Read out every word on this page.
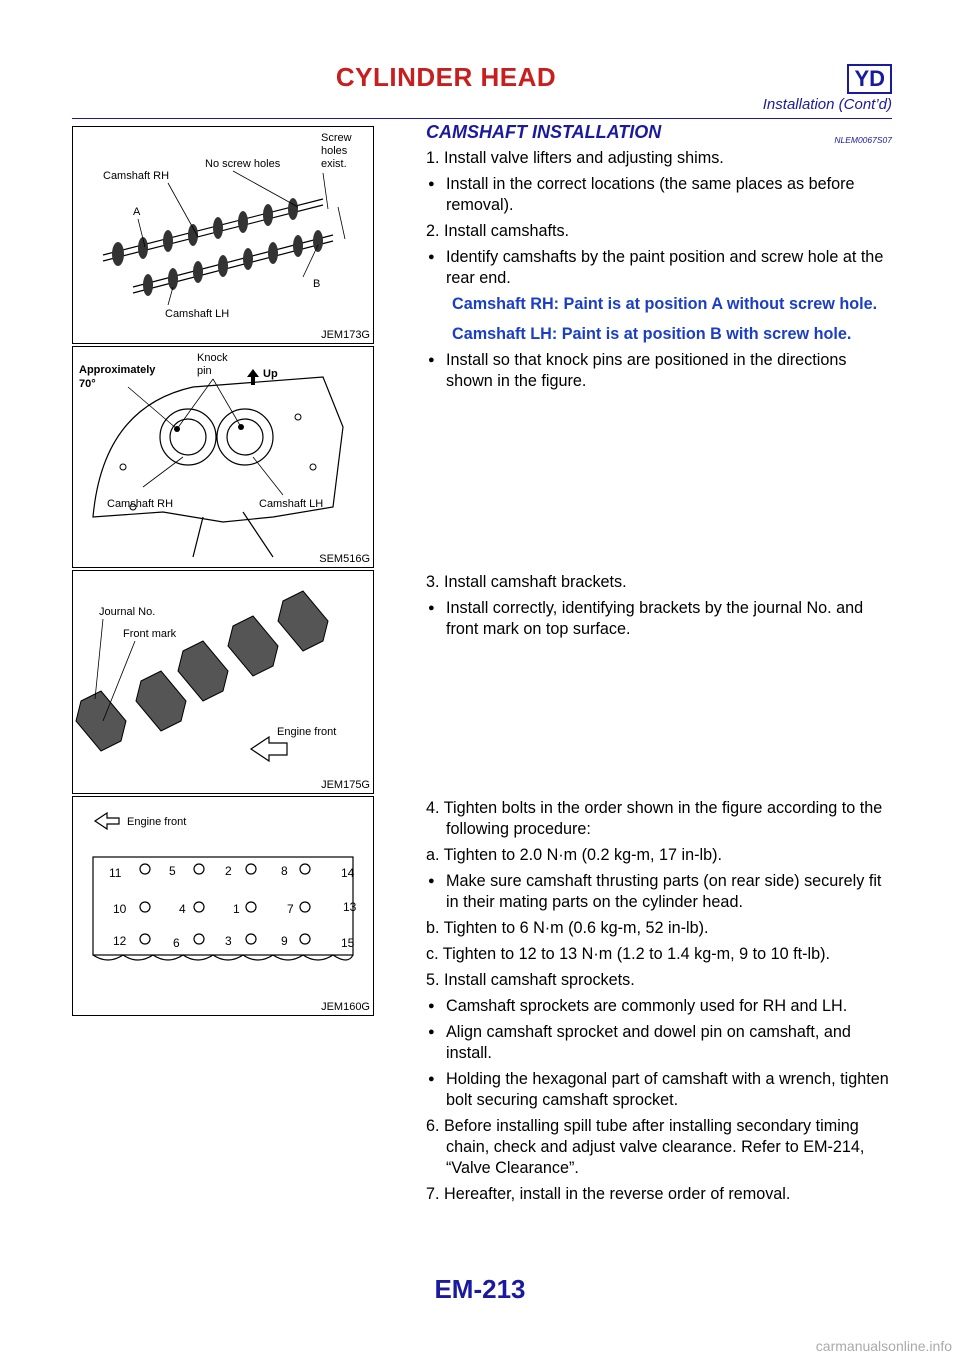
CYLINDER HEAD	YD
Installation (Cont’d)
Camshaft RH
No screw holes
Screw
holes
exist.
A
B
Camshaft LH
JEM173G
Approximately
70°
Knock
pin	Up
Camshaft RH	Camshaft LH
SEM516G
Journal No.
Front mark
Engine front
JEM175G
11	5	2	8	14
10	4	1	7	13
12	6	3	9	15
Engine front
JEM160G

CAMSHAFT INSTALLATION	NLEM0067S07

1. Install valve lifters and adjusting shims.

● Install in the correct locations (the same places as before removal).

2. Install camshafts.

● Identify camshafts by the paint position and screw hole at the rear end.

Camshaft RH: Paint is at position A without screw hole.

Camshaft LH: Paint is at position B with screw hole.

● Install so that knock pins are positioned in the directions shown in the figure.

3. Install camshaft brackets.

● Install correctly, identifying brackets by the journal No. and front mark on top surface.

4. Tighten bolts in the order shown in the figure according to the following procedure:

a. Tighten to 2.0 N·m (0.2 kg-m, 17 in-lb).

● Make sure camshaft thrusting parts (on rear side) securely fit in their mating parts on the cylinder head.

b. Tighten to 6 N·m (0.6 kg-m, 52 in-lb).

c. Tighten to 12 to 13 N·m (1.2 to 1.4 kg-m, 9 to 10 ft-lb).

5. Install camshaft sprockets.

● Camshaft sprockets are commonly used for RH and LH.

● Align camshaft sprocket and dowel pin on camshaft, and install.

● Holding the hexagonal part of camshaft with a wrench, tighten bolt securing camshaft sprocket.

6. Before installing spill tube after installing secondary timing chain, check and adjust valve clearance. Refer to EM-214, “Valve Clearance”.

7. Hereafter, install in the reverse order of removal.

EM-213
carmanualsonline.info
